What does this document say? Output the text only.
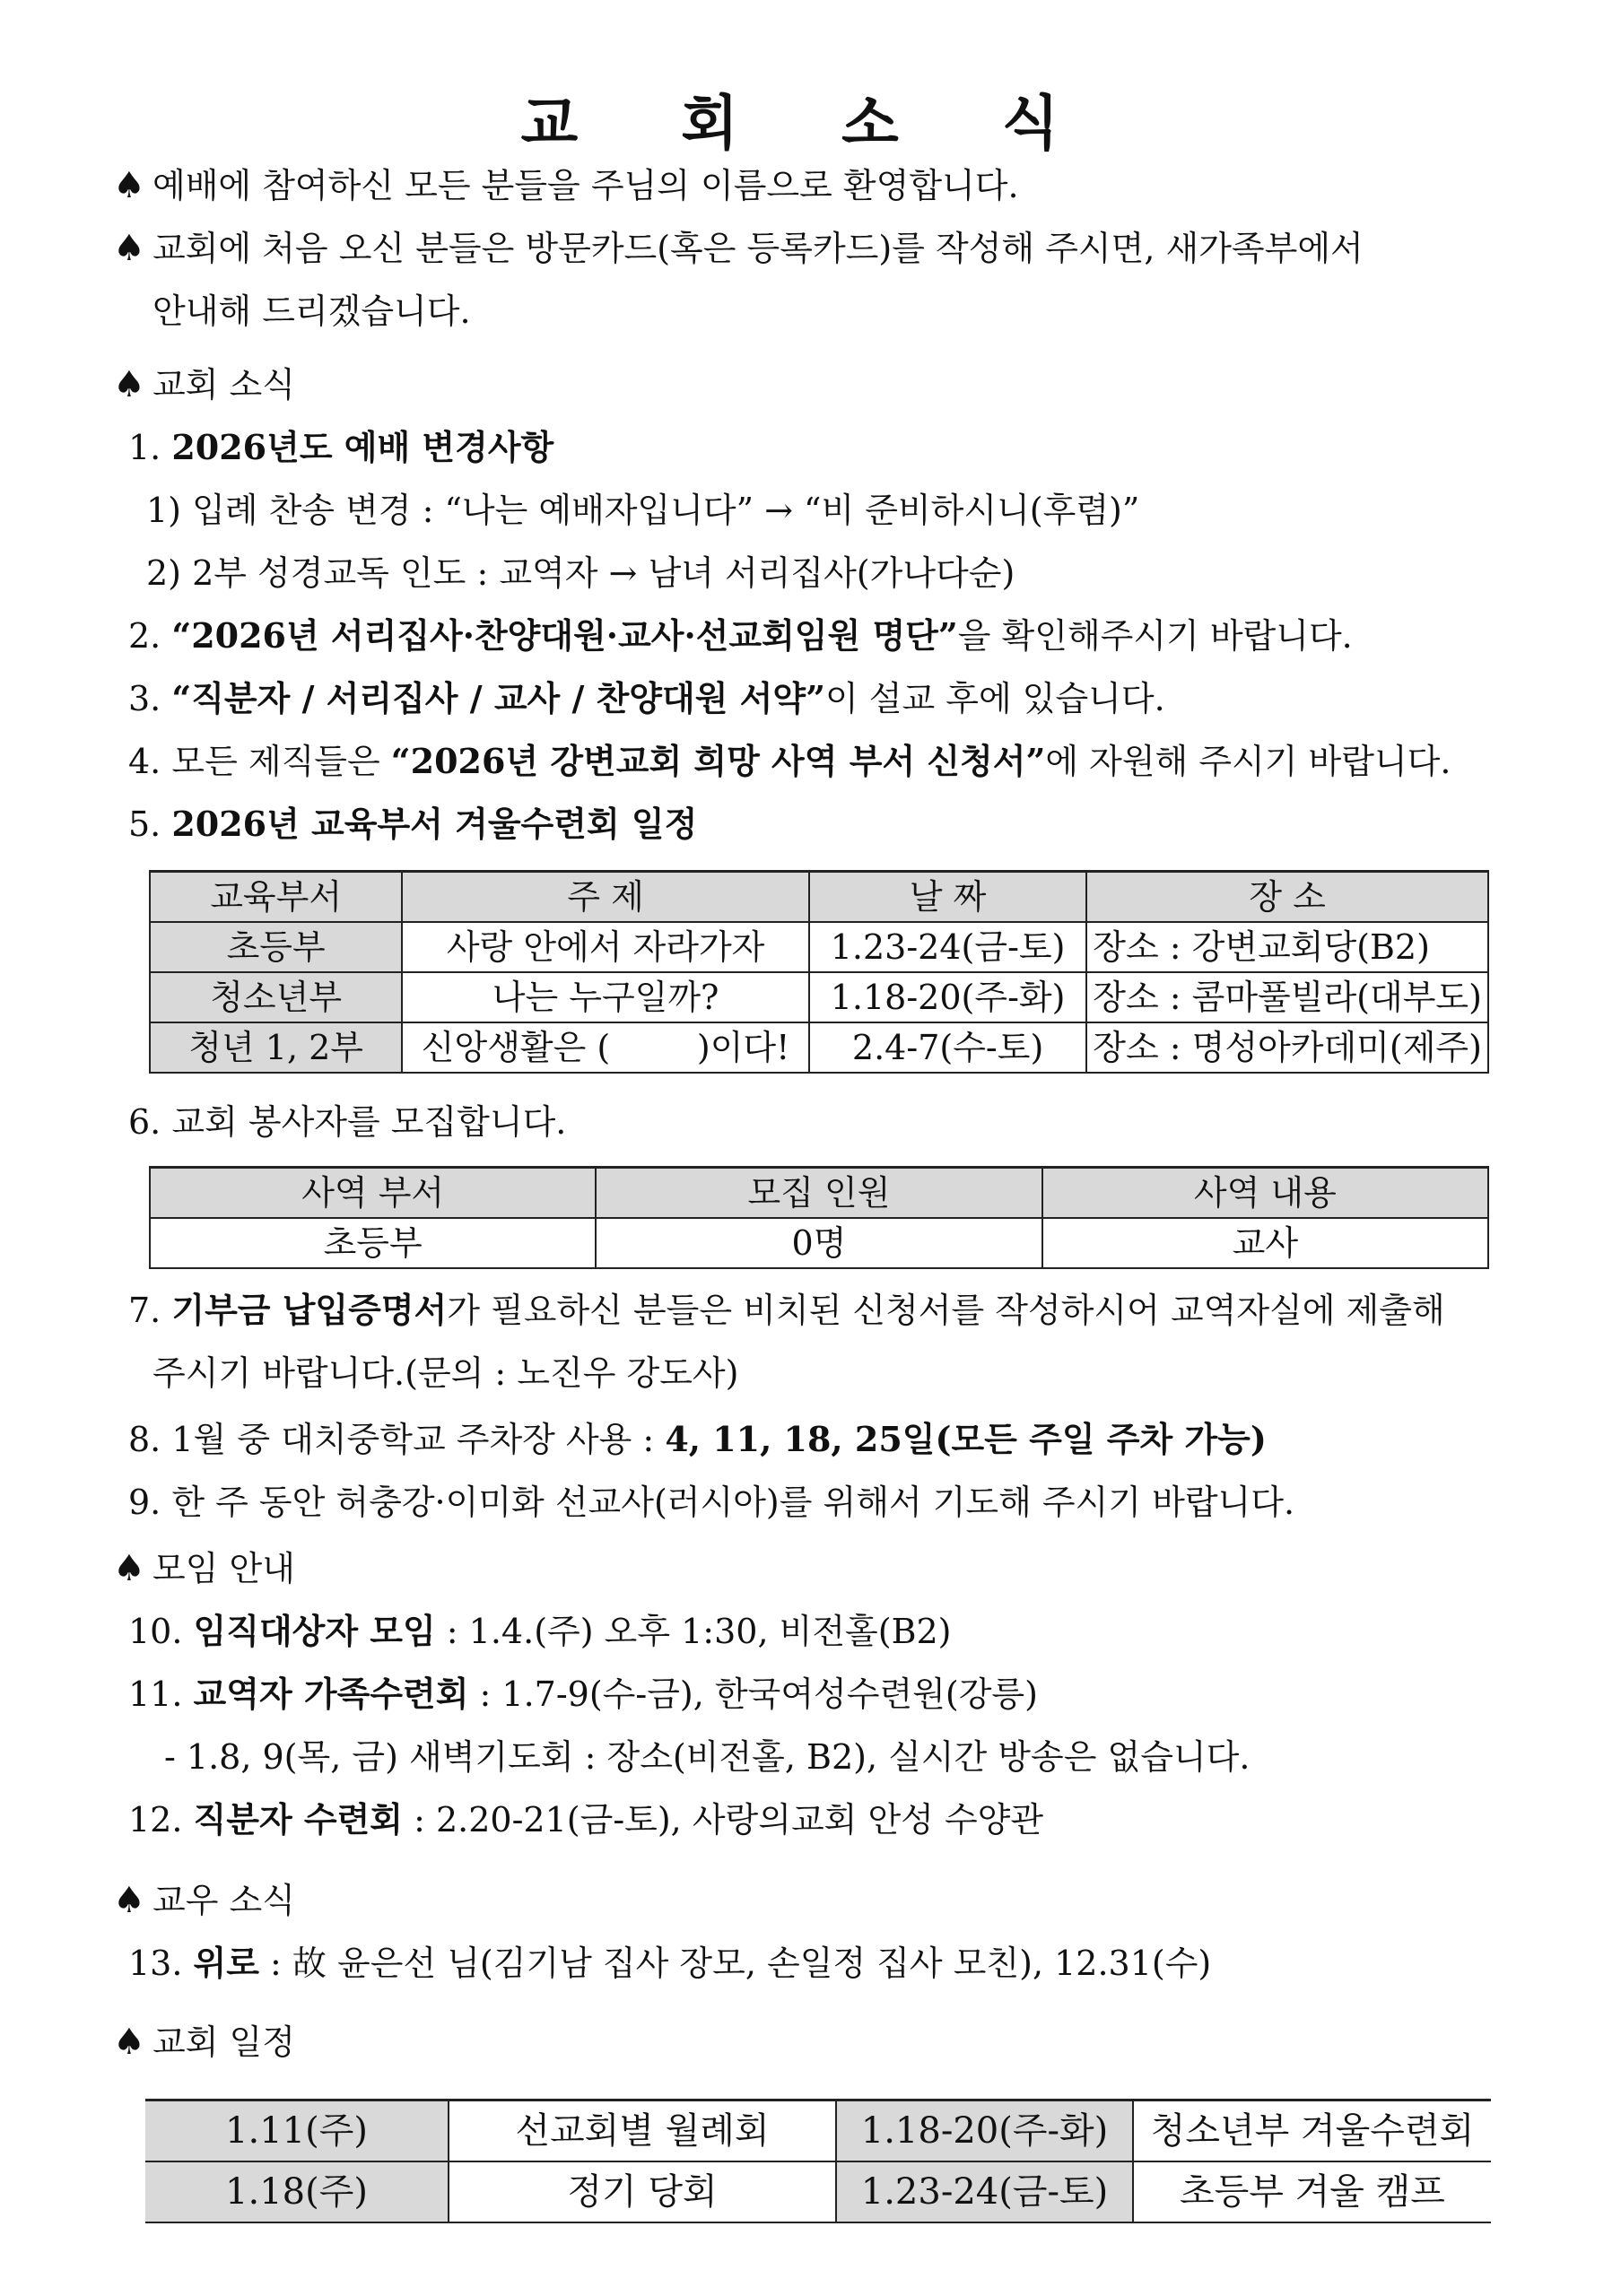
교 회 소 식
♠ 예배에 참여하신 모든 분들을 주님의 이름으로 환영합니다.
♠ 교회에 처음 오신 분들은 방문카드(혹은 등록카드)를 작성해 주시면, 새가족부에서
안내해 드리겠습니다.
♠ 교회 소식
1. 2026년도 예배 변경사항
1) 입례 찬송 변경 : “나는 예배자입니다” → “비 준비하시니(후렴)”
2) 2부 성경교독 인도 : 교역자 → 남녀 서리집사(가나다순)
2. “2026년 서리집사·찬양대원·교사·선교회임원 명단”을 확인해주시기 바랍니다.
3. “직분자 / 서리집사 / 교사 / 찬양대원 서약”이 설교 후에 있습니다.
4. 모든 제직들은 “2026년 강변교회 희망 사역 부서 신청서”에 자원해 주시기 바랍니다.
5. 2026년 교육부서 겨울수련회 일정
교육부서	주 제	날 짜	장 소
초등부	사랑 안에서 자라가자	1.23-24(금-토)	장소 : 강변교회당(B2)
청소년부	나는 누구일까?	1.18-20(주-화)	장소 : 콤마풀빌라(대부도)
청년 1, 2부	신앙생활은 (        )이다!	2.4-7(수-토)	장소 : 명성아카데미(제주)
6. 교회 봉사자를 모집합니다.
사역 부서	모집 인원	사역 내용
초등부	0명	교사
7. 기부금 납입증명서가 필요하신 분들은 비치된 신청서를 작성하시어 교역자실에 제출해
주시기 바랍니다.(문의 : 노진우 강도사)
8. 1월 중 대치중학교 주차장 사용 : 4, 11, 18, 25일(모든 주일 주차 가능)
9. 한 주 동안 허충강·이미화 선교사(러시아)를 위해서 기도해 주시기 바랍니다.
♠ 모임 안내
10. 임직대상자 모임 : 1.4.(주) 오후 1:30, 비전홀(B2)
11. 교역자 가족수련회 : 1.7-9(수-금), 한국여성수련원(강릉)
- 1.8, 9(목, 금) 새벽기도회 : 장소(비전홀, B2), 실시간 방송은 없습니다.
12. 직분자 수련회 : 2.20-21(금-토), 사랑의교회 안성 수양관
♠ 교우 소식
13. 위로 : 故 윤은선 님(김기남 집사 장모, 손일정 집사 모친), 12.31(수)
♠ 교회 일정
1.11(주)	선교회별 월례회	1.18-20(주-화)	청소년부 겨울수련회
1.18(주)	정기 당회	1.23-24(금-토)	초등부 겨울 캠프
